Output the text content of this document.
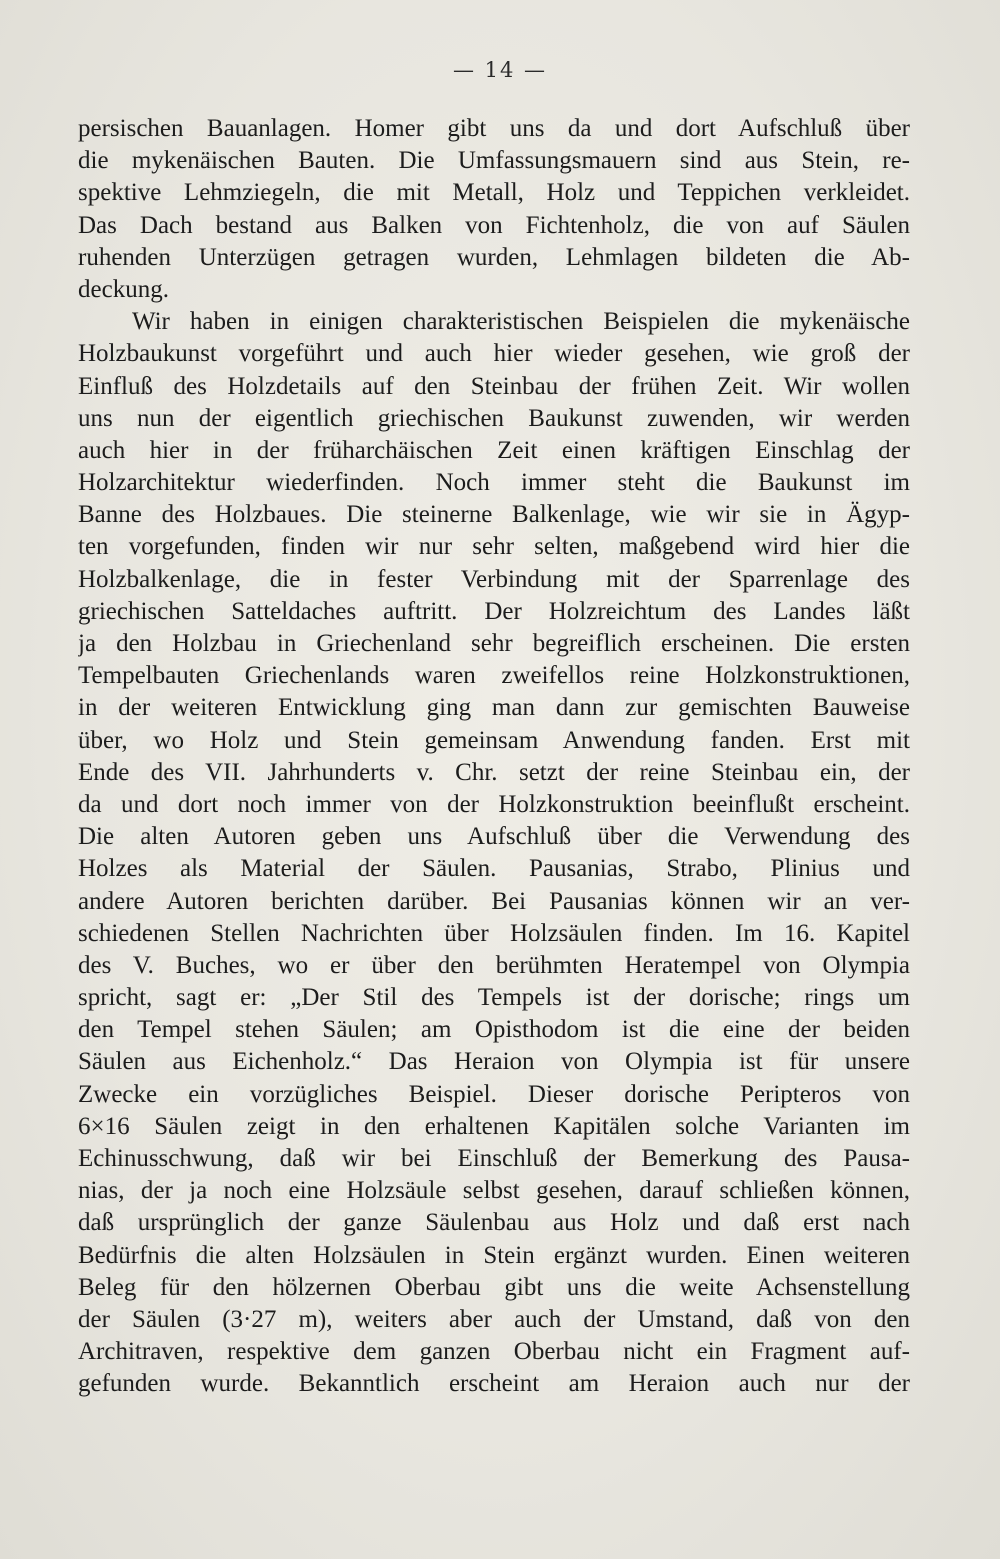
— 14 —
persischen Bauanlagen. Homer gibt uns da und dort Aufschluß über
die mykenäischen Bauten. Die Umfassungsmauern sind aus Stein, re-
spektive Lehmziegeln, die mit Metall, Holz und Teppichen verkleidet.
Das Dach bestand aus Balken von Fichtenholz, die von auf Säulen
ruhenden Unterzügen getragen wurden, Lehmlagen bildeten die Ab-
deckung.
Wir haben in einigen charakteristischen Beispielen die mykenäische
Holzbaukunst vorgeführt und auch hier wieder gesehen, wie groß der
Einfluß des Holzdetails auf den Steinbau der frühen Zeit. Wir wollen
uns nun der eigentlich griechischen Baukunst zuwenden, wir werden
auch hier in der früharchäischen Zeit einen kräftigen Einschlag der
Holzarchitektur wiederfinden. Noch immer steht die Baukunst im
Banne des Holzbaues. Die steinerne Balkenlage, wie wir sie in Ägyp-
ten vorgefunden, finden wir nur sehr selten, maßgebend wird hier die
Holzbalkenlage, die in fester Verbindung mit der Sparrenlage des
griechischen Satteldaches auftritt. Der Holzreichtum des Landes läßt
ja den Holzbau in Griechenland sehr begreiflich erscheinen. Die ersten
Tempelbauten Griechenlands waren zweifellos reine Holzkonstruktionen,
in der weiteren Entwicklung ging man dann zur gemischten Bauweise
über, wo Holz und Stein gemeinsam Anwendung fanden. Erst mit
Ende des VII. Jahrhunderts v. Chr. setzt der reine Steinbau ein, der
da und dort noch immer von der Holzkonstruktion beeinflußt erscheint.
Die alten Autoren geben uns Aufschluß über die Verwendung des
Holzes als Material der Säulen. Pausanias, Strabo, Plinius und
andere Autoren berichten darüber. Bei Pausanias können wir an ver-
schiedenen Stellen Nachrichten über Holzsäulen finden. Im 16. Kapitel
des V. Buches, wo er über den berühmten Heratempel von Olympia
spricht, sagt er: „Der Stil des Tempels ist der dorische; rings um
den Tempel stehen Säulen; am Opisthodom ist die eine der beiden
Säulen aus Eichenholz.“ Das Heraion von Olympia ist für unsere
Zwecke ein vorzügliches Beispiel. Dieser dorische Peripteros von
6×16 Säulen zeigt in den erhaltenen Kapitälen solche Varianten im
Echinusschwung, daß wir bei Einschluß der Bemerkung des Pausa-
nias, der ja noch eine Holzsäule selbst gesehen, darauf schließen können,
daß ursprünglich der ganze Säulenbau aus Holz und daß erst nach
Bedürfnis die alten Holzsäulen in Stein ergänzt wurden. Einen weiteren
Beleg für den hölzernen Oberbau gibt uns die weite Achsenstellung
der Säulen (3·27 m), weiters aber auch der Umstand, daß von den
Architraven, respektive dem ganzen Oberbau nicht ein Fragment auf-
gefunden wurde. Bekanntlich erscheint am Heraion auch nur der
